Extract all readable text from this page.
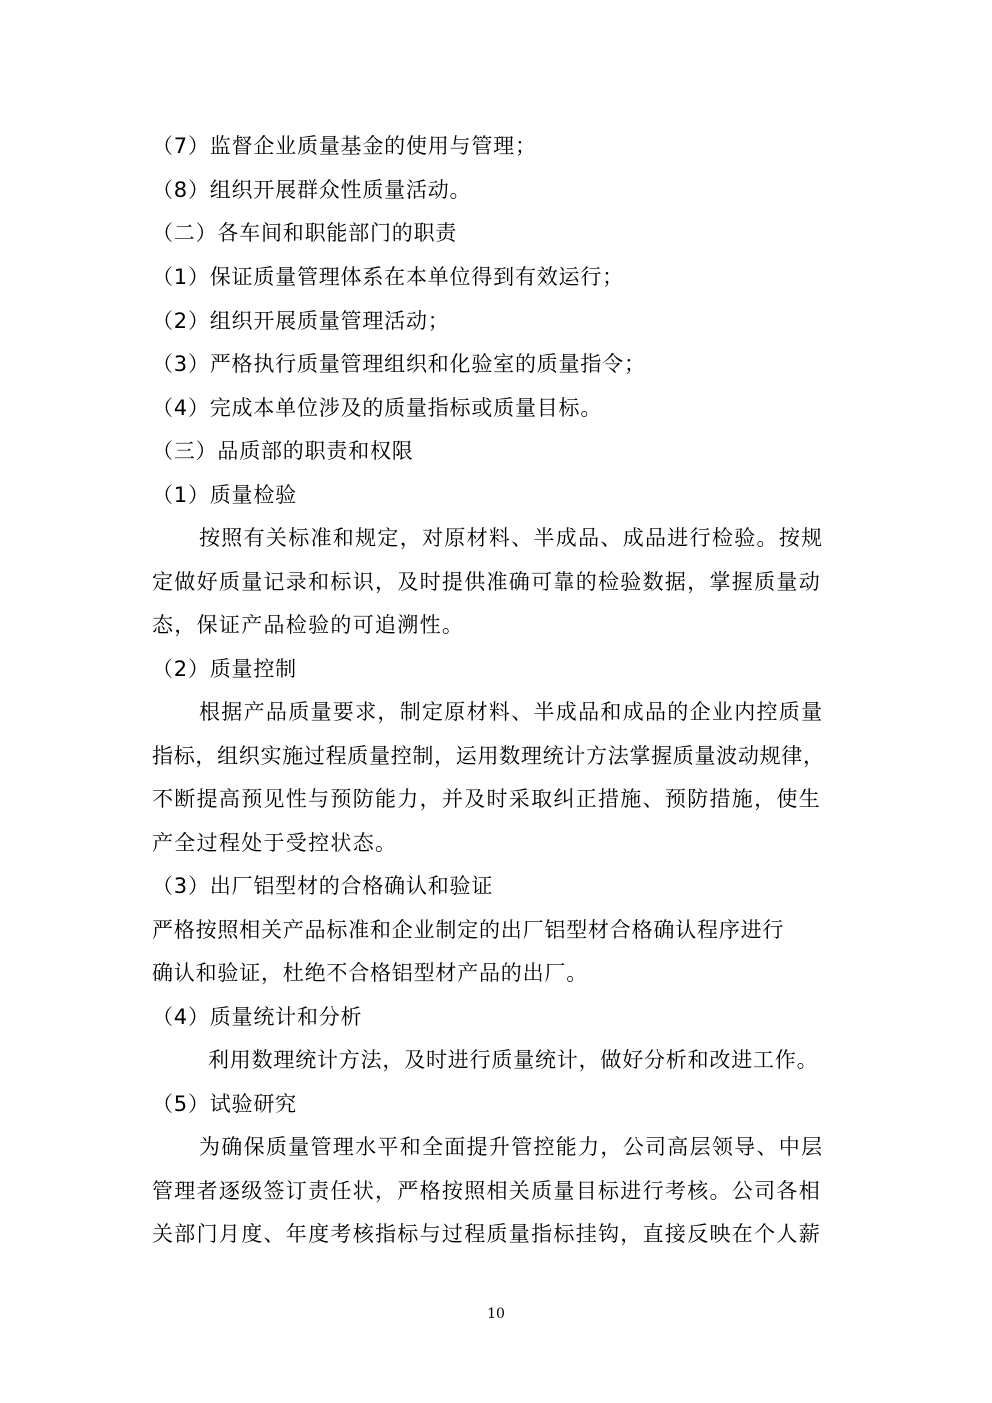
（7）监督企业质量基金的使用与管理；
（8）组织开展群众性质量活动。
（二）各车间和职能部门的职责
（1）保证质量管理体系在本单位得到有效运行；
（2）组织开展质量管理活动；
（3）严格执行质量管理组织和化验室的质量指令；
（4）完成本单位涉及的质量指标或质量目标。
（三）品质部的职责和权限
（1）质量检验
按照有关标准和规定，对原材料、半成品、成品进行检验。按规
定做好质量记录和标识，及时提供准确可靠的检验数据，掌握质量动
态，保证产品检验的可追溯性。
（2）质量控制
根据产品质量要求，制定原材料、半成品和成品的企业内控质量
指标，组织实施过程质量控制，运用数理统计方法掌握质量波动规律，
不断提高预见性与预防能力，并及时采取纠正措施、预防措施，使生
产全过程处于受控状态。
（3）出厂铝型材的合格确认和验证
严格按照相关产品标准和企业制定的出厂铝型材合格确认程序进行
确认和验证，杜绝不合格铝型材产品的出厂。
（4）质量统计和分析
利用数理统计方法，及时进行质量统计，做好分析和改进工作。
（5）试验研究
为确保质量管理水平和全面提升管控能力，公司高层领导、中层
管理者逐级签订责任状，严格按照相关质量目标进行考核。公司各相
关部门月度、年度考核指标与过程质量指标挂钩，直接反映在个人薪
10
